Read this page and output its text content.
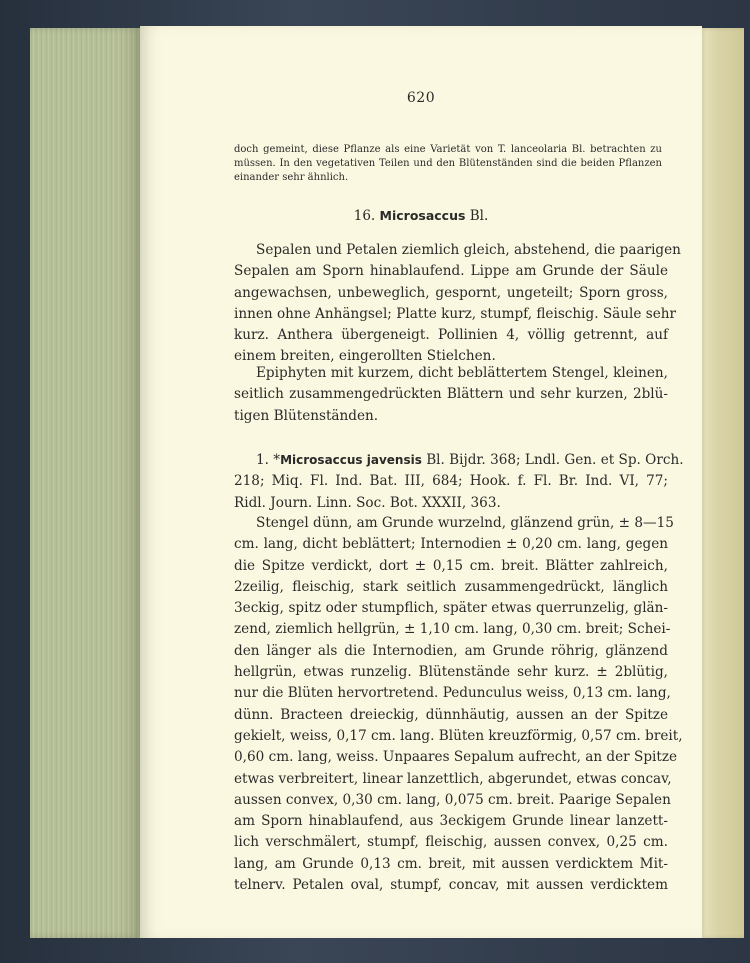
620
doch gemeint, diese Pflanze als eine Varietät von T. lanceolaria Bl. betrachten zu
müssen. In den vegetativen Teilen und den Blütenständen sind die beiden Pflanzen
einander sehr ähnlich.
16. Microsaccus Bl.
Sepalen und Petalen ziemlich gleich, abstehend, die paarigen
Sepalen am Sporn hinablaufend. Lippe am Grunde der Säule
angewachsen, unbeweglich, gespornt, ungeteilt; Sporn gross,
innen ohne Anhängsel; Platte kurz, stumpf, fleischig. Säule sehr
kurz. Anthera übergeneigt. Pollinien 4, völlig getrennt, auf
einem breiten, eingerollten Stielchen.
Epiphyten mit kurzem, dicht beblättertem Stengel, kleinen,
seitlich zusammengedrückten Blättern und sehr kurzen, 2blü-
tigen Blütenständen.
1. *Microsaccus javensis Bl. Bijdr. 368; Lndl. Gen. et Sp. Orch.
218; Miq. Fl. Ind. Bat. III, 684; Hook. f. Fl. Br. Ind. VI, 77;
Ridl. Journ. Linn. Soc. Bot. XXXII, 363.
Stengel dünn, am Grunde wurzelnd, glänzend grün, ± 8—15
cm. lang, dicht beblättert; Internodien ± 0,20 cm. lang, gegen
die Spitze verdickt, dort ± 0,15 cm. breit. Blätter zahlreich,
2zeilig, fleischig, stark seitlich zusammengedrückt, länglich
3eckig, spitz oder stumpflich, später etwas querrunzelig, glän-
zend, ziemlich hellgrün, ± 1,10 cm. lang, 0,30 cm. breit; Schei-
den länger als die Internodien, am Grunde röhrig, glänzend
hellgrün, etwas runzelig. Blütenstände sehr kurz. ± 2blütig,
nur die Blüten hervortretend. Pedunculus weiss, 0,13 cm. lang,
dünn. Bracteen dreieckig, dünnhäutig, aussen an der Spitze
gekielt, weiss, 0,17 cm. lang. Blüten kreuzförmig, 0,57 cm. breit,
0,60 cm. lang, weiss. Unpaares Sepalum aufrecht, an der Spitze
etwas verbreitert, linear lanzettlich, abgerundet, etwas concav,
aussen convex, 0,30 cm. lang, 0,075 cm. breit. Paarige Sepalen
am Sporn hinablaufend, aus 3eckigem Grunde linear lanzett-
lich verschmälert, stumpf, fleischig, aussen convex, 0,25 cm.
lang, am Grunde 0,13 cm. breit, mit aussen verdicktem Mit-
telnerv. Petalen oval, stumpf, concav, mit aussen verdicktem
